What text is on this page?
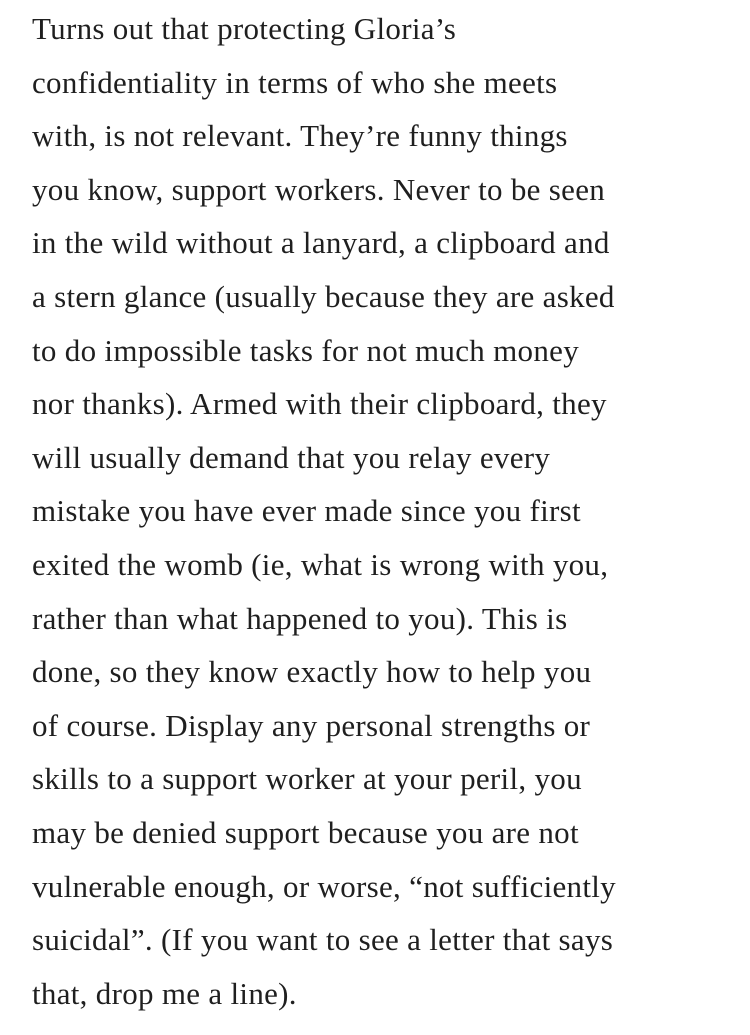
Turns out that protecting Gloria’s
confidentiality in terms of who she meets
with, is not relevant. They’re funny things
you know, support workers. Never to be seen
in the wild without a lanyard, a clipboard and
a stern glance (usually because they are asked
to do impossible tasks for not much money
nor thanks). Armed with their clipboard, they
will usually demand that you relay every
mistake you have ever made since you first
exited the womb (ie, what is wrong with you,
rather than what happened to you). This is
done, so they know exactly how to help you
of course. Display any personal strengths or
skills to a support worker at your peril, you
may be denied support because you are not
vulnerable enough, or worse, “not sufficiently
suicidal”. (If you want to see a letter that says
that, drop me a line).
